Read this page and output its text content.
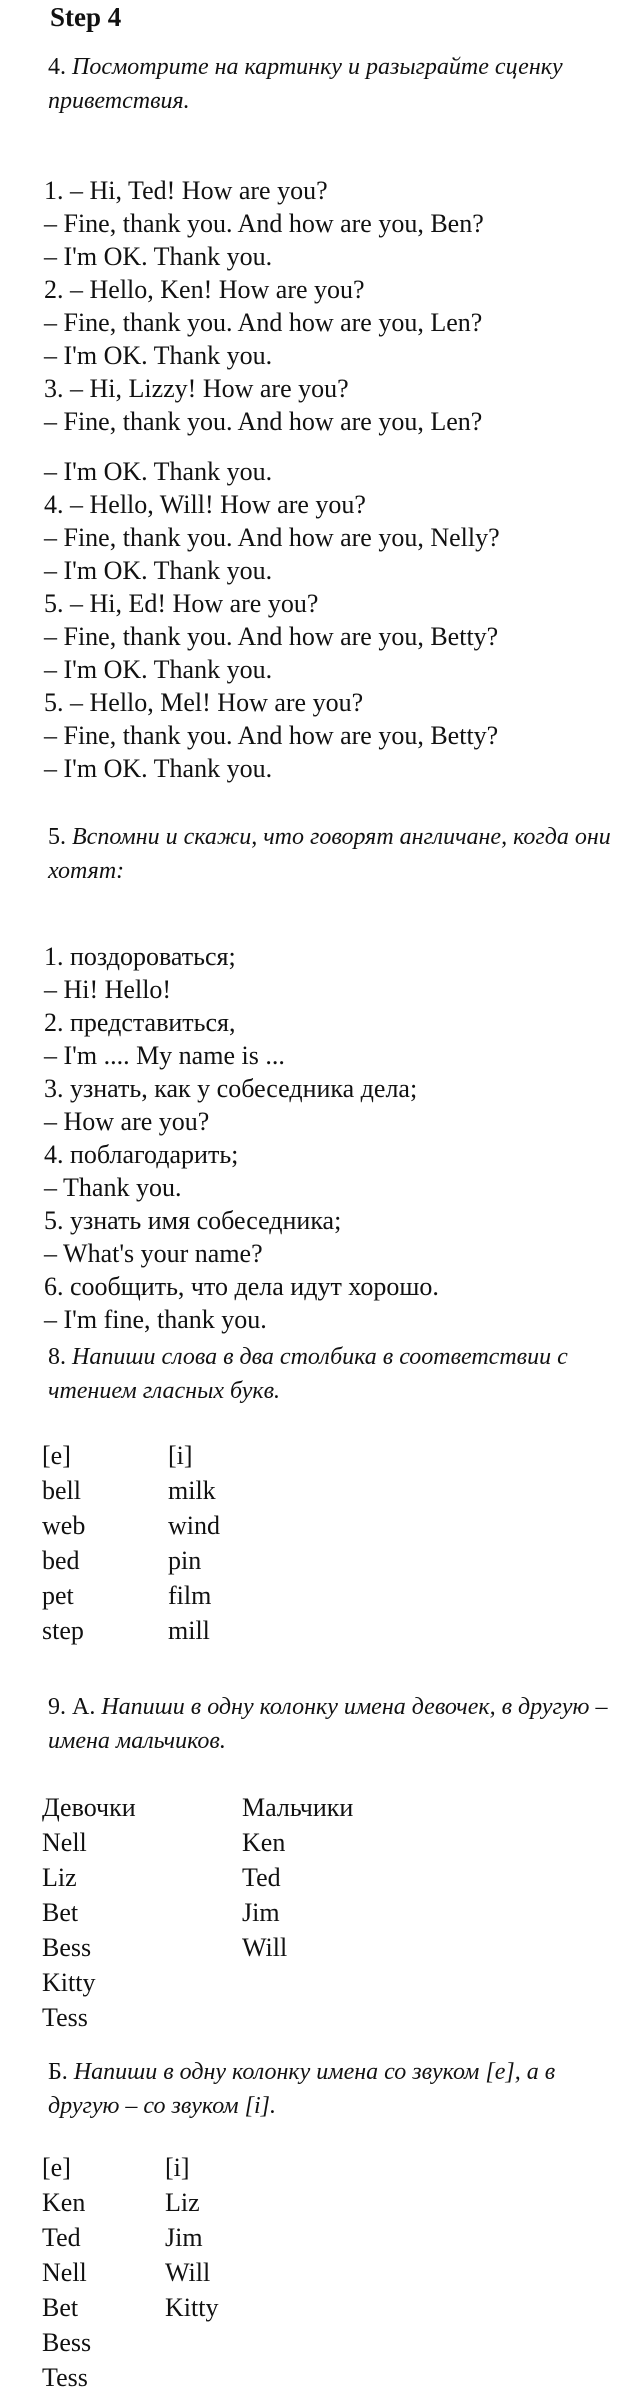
Step 4
4. Посмотрите на картинку и разыграйте сценку приветствия.
1. – Hi, Ted! How are you?
– Fine, thank you. And how are you, Ben?
– I'm OK. Thank you.
2. – Hello, Ken! How are you?
– Fine, thank you. And how are you, Len?
– I'm OK. Thank you.
3. – Hi, Lizzy! How are you?
– Fine, thank you. And how are you, Len?
– I'm OK. Thank you.
4. – Hello, Will! How are you?
– Fine, thank you. And how are you, Nelly?
– I'm OK. Thank you.
5. – Hi, Ed! How are you?
– Fine, thank you. And how are you, Betty?
– I'm OK. Thank you.
5. – Hello, Mel! How are you?
– Fine, thank you. And how are you, Betty?
– I'm OK. Thank you.
5. Вспомни и скажи, что говорят англичане, когда они хотят:
1. поздороваться;
– Hi! Hello!
2. представиться,
– I'm .... My name is ...
3. узнать, как у собеседника дела;
– How are you?
4. поблагодарить;
– Thank you.
5. узнать имя собеседника;
– What's your name?
6. сообщить, что дела идут хорошо.
– I'm fine, thank you.
8. Напиши слова в два столбика в соответствии с чтением гласных букв.
[e]
bell
web
bed
pet
step
[i]
milk
wind
pin
film
mill
9. А. Напиши в одну колонку имена девочек, в другую – имена мальчиков.
Девочки
Nell
Liz
Bet
Bess
Kitty
Tess
Мальчики
Ken
Ted
Jim
Will
Б. Напиши в одну колонку имена со звуком [e], а в другую – со звуком [i].
[e]
Ken
Ted
Nell
Bet
Bess
Tess
[i]
Liz
Jim
Will
Kitty
